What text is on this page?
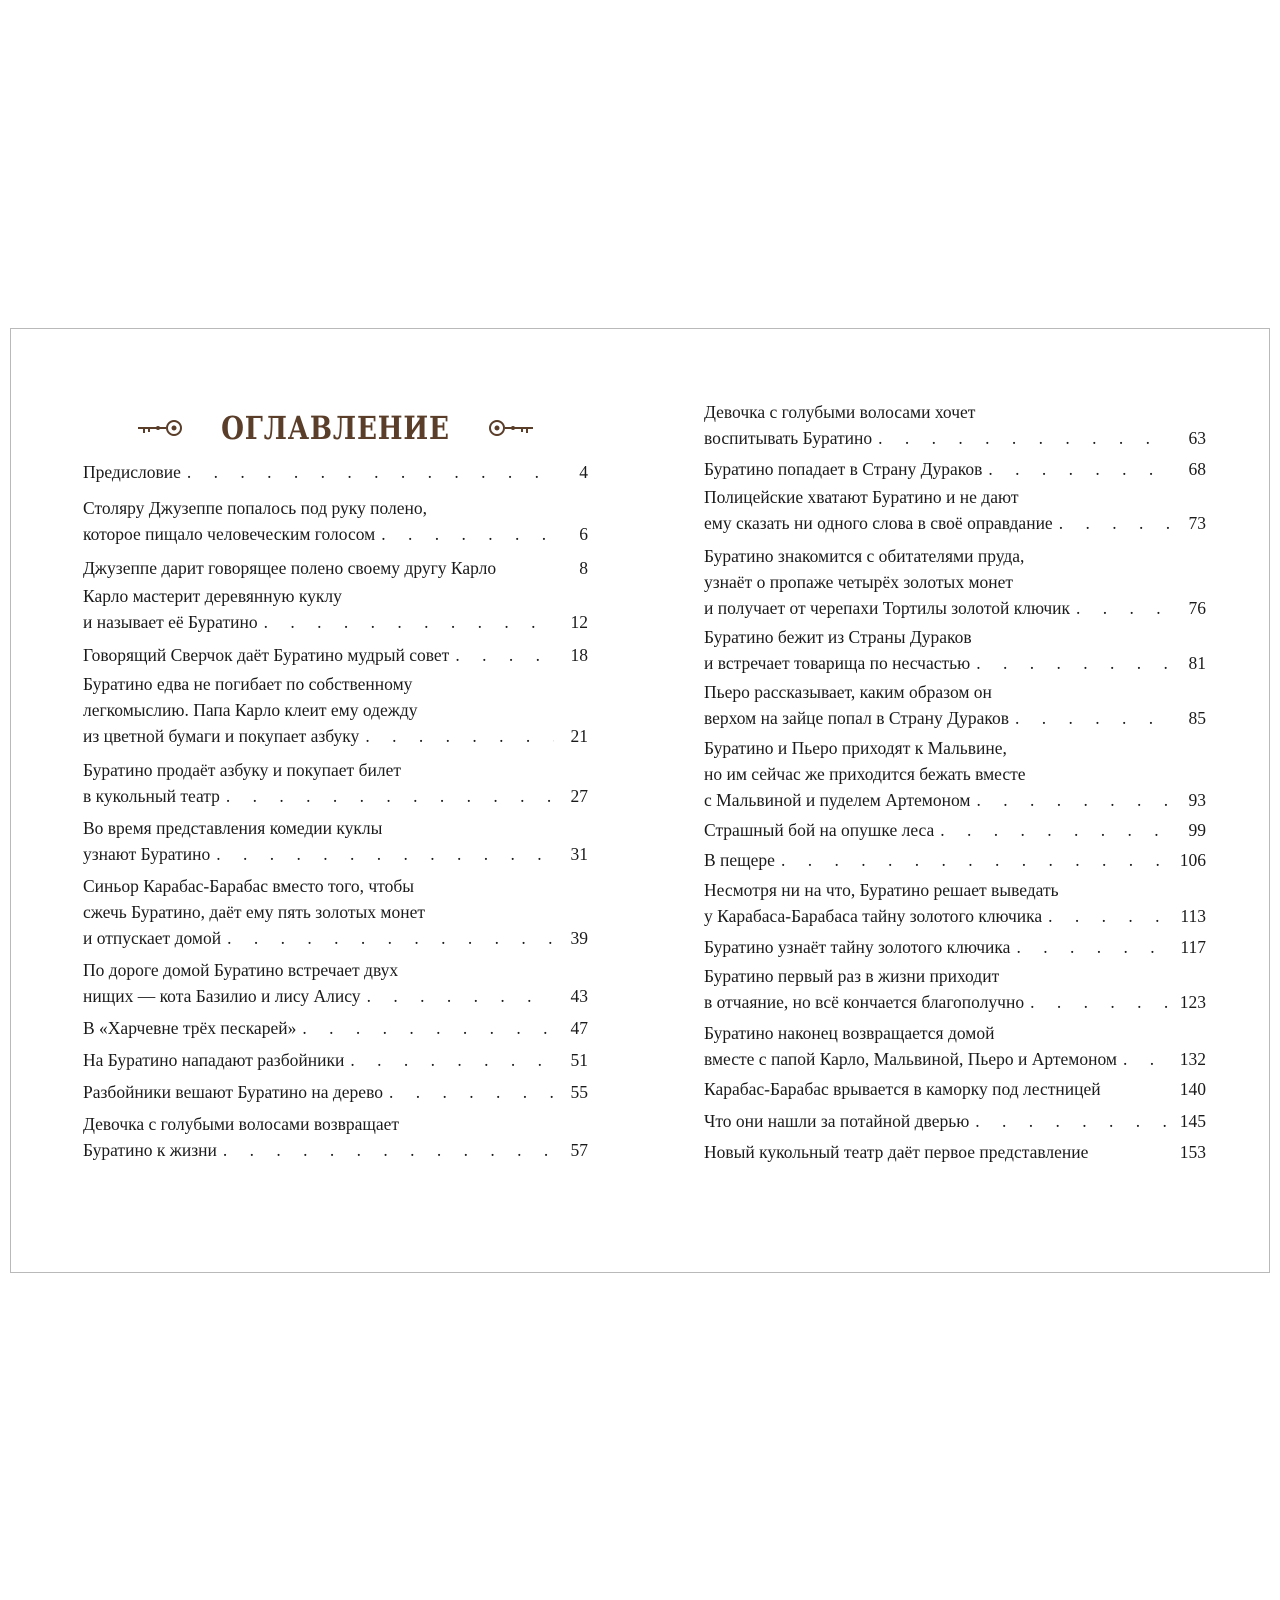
ОГЛАВЛЕНИЕ
Предисловие . . .	4
Столяру Джузеппе попалось под руку полено,
которое пищало человеческим голосом . . .	6
Джузеппе дарит говорящее полено своему другу Карло	8
Карло мастерит деревянную куклу
и называет её Буратино . . .	12
Говорящий Сверчок даёт Буратино мудрый совет . . .	18
Буратино едва не погибает по собственному
легкомыслию. Папа Карло клеит ему одежду
из цветной бумаги и покупает азбуку . . .	21
Буратино продаёт азбуку и покупает билет
в кукольный театр . . .	27
Во время представления комедии куклы
узнают Буратино . . .	31
Синьор Карабас-Барабас вместо того, чтобы
сжечь Буратино, даёт ему пять золотых монет
и отпускает домой . . .	39
По дороге домой Буратино встречает двух
нищих — кота Базилио и лису Алису . . .	43
В «Харчевне трёх пескарей» . . .	47
На Буратино нападают разбойники . . .	51
Разбойники вешают Буратино на дерево . . .	55
Девочка с голубыми волосами возвращает
Буратино к жизни . . .	57
Девочка с голубыми волосами хочет
воспитывать Буратино . . .	63
Буратино попадает в Страну Дураков . . .	68
Полицейские хватают Буратино и не дают
ему сказать ни одного слова в своё оправдание . . .	73
Буратино знакомится с обитателями пруда,
узнаёт о пропаже четырёх золотых монет
и получает от черепахи Тортилы золотой ключик . . .	76
Буратино бежит из Страны Дураков
и встречает товарища по несчастью . . .	81
Пьеро рассказывает, каким образом он
верхом на зайце попал в Страну Дураков . . .	85
Буратино и Пьеро приходят к Мальвине,
но им сейчас же приходится бежать вместе
с Мальвиной и пуделем Артемоном . . .	93
Страшный бой на опушке леса . . .	99
В пещере . . .	106
Несмотря ни на что, Буратино решает выведать
у Карабаса-Барабаса тайну золотого ключика . . .	113
Буратино узнаёт тайну золотого ключика . . .	117
Буратино первый раз в жизни приходит
в отчаяние, но всё кончается благополучно . . .	123
Буратино наконец возвращается домой
вместе с папой Карло, Мальвиной, Пьеро и Артемоном . . .	132
Карабас-Барабас врывается в каморку под лестницей	140
Что они нашли за потайной дверью . . .	145
Новый кукольный театр даёт первое представление	153
